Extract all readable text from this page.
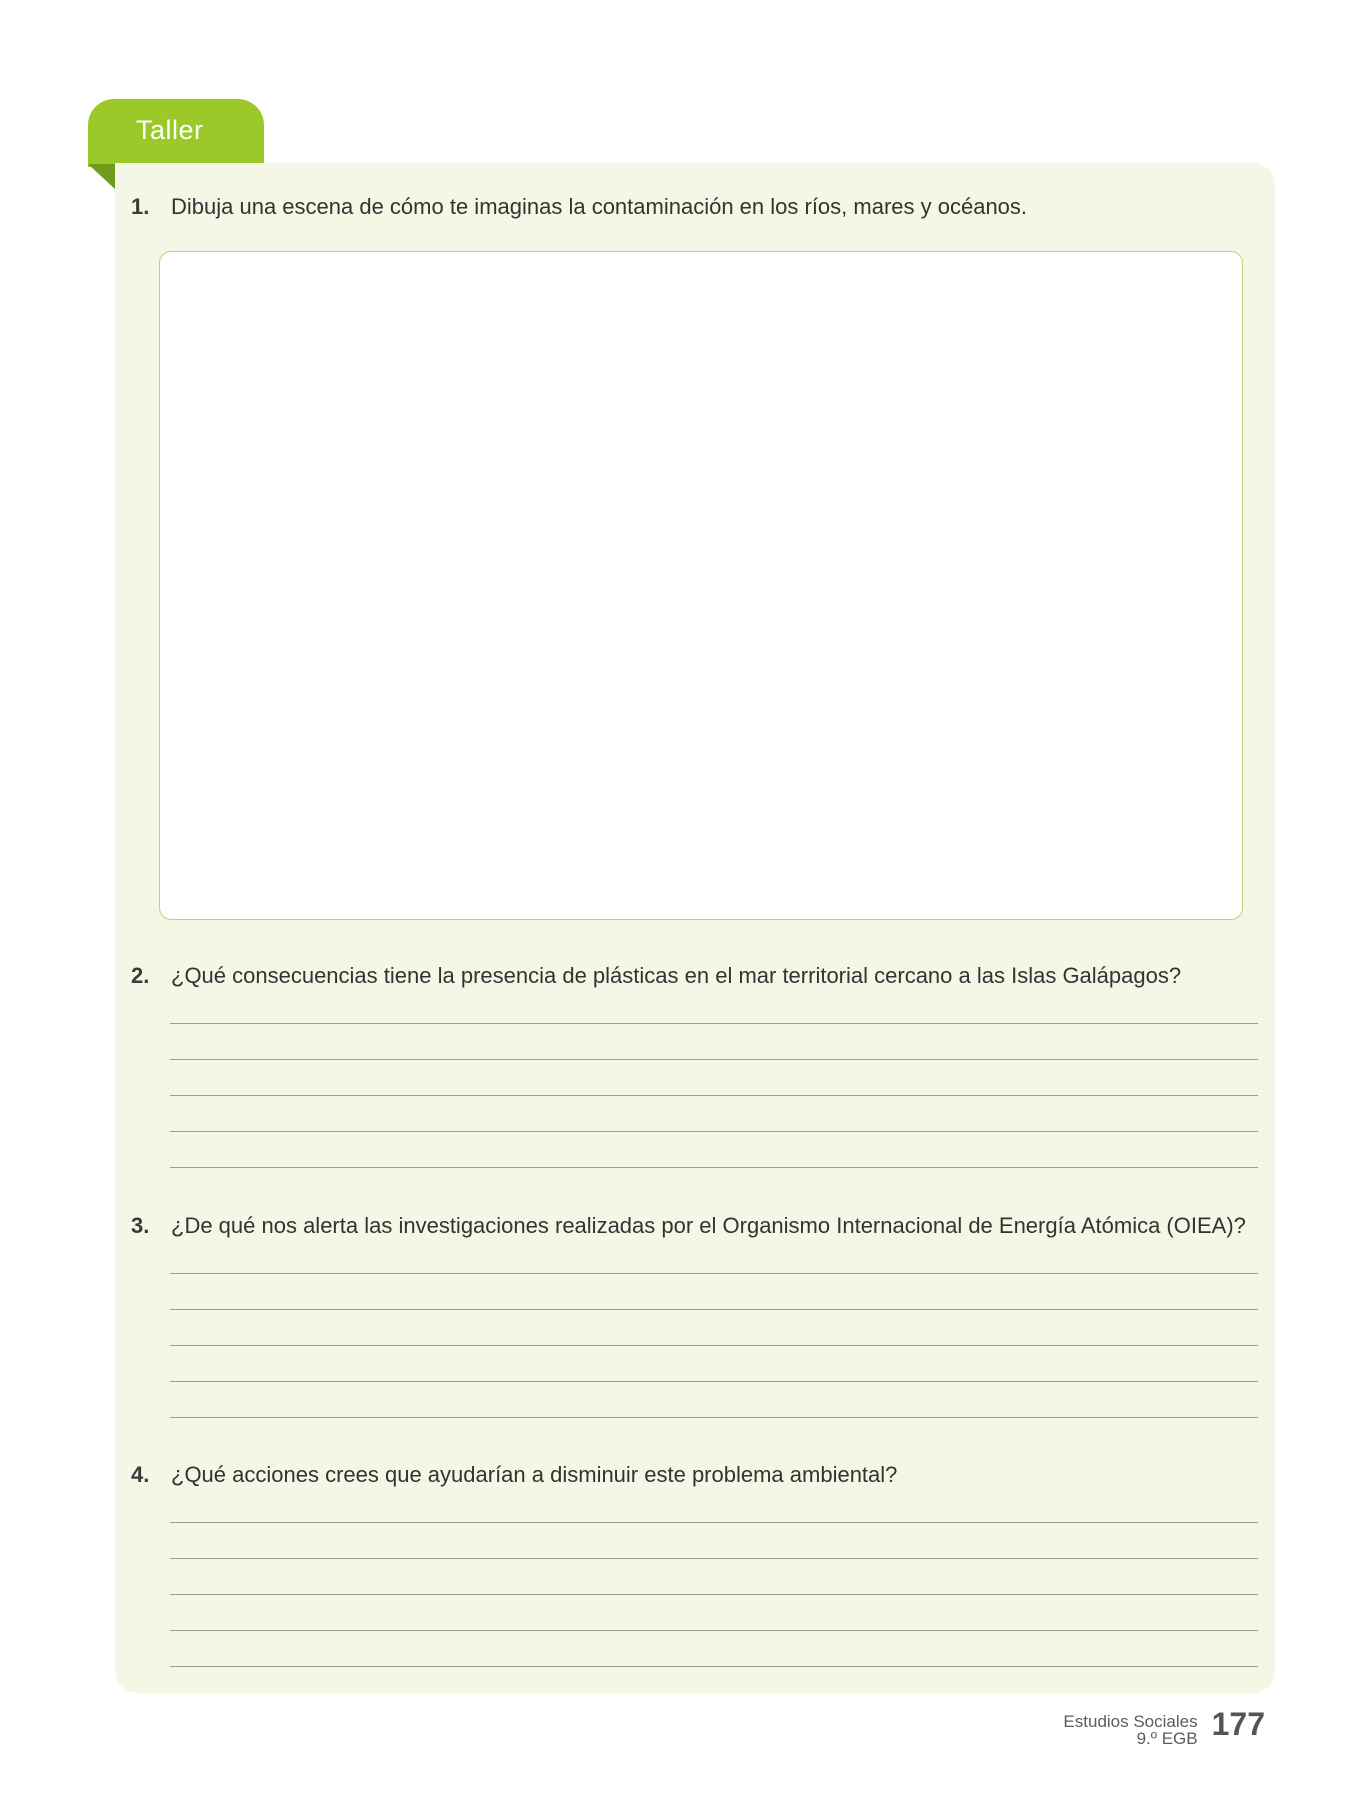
Taller
1. Dibuja una escena de cómo te imaginas la contaminación en los ríos, mares y océanos.
2. ¿Qué consecuencias tiene la presencia de plásticas en el mar territorial cercano a las Islas Galápagos?
3. ¿De qué nos alerta las investigaciones realizadas por el Organismo Internacional de Energía Atómica (OIEA)?
4. ¿Qué acciones crees que ayudarían a disminuir este problema ambiental?
Estudios Sociales
9.º EGB 177
